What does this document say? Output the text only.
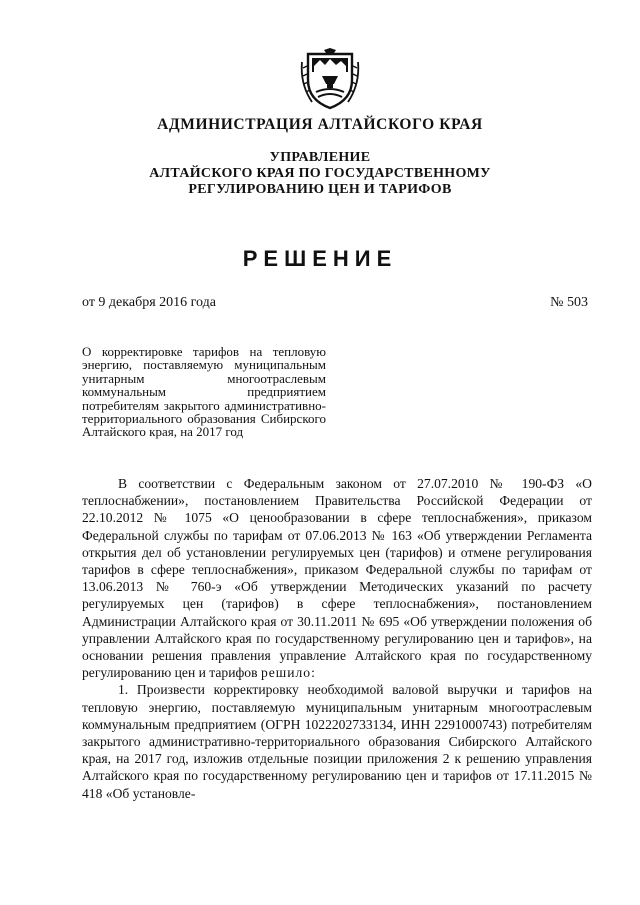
АДМИНИСТРАЦИЯ АЛТАЙСКОГО КРАЯ
УПРАВЛЕНИЕ
АЛТАЙСКОГО КРАЯ ПО ГОСУДАРСТВЕННОМУ
РЕГУЛИРОВАНИЮ ЦЕН И ТАРИФОВ
РЕШЕНИЕ
от 9 декабря 2016 года	№ 503
О корректировке тарифов на тепловую энергию, поставляемую муниципальным унитарным многоотраслевым коммунальным предприятием потребителям закрытого административно-территориального образования Сибирского Алтайского края, на 2017 год

В соответствии с Федеральным законом от 27.07.2010 № 190-ФЗ «О теплоснабжении», постановлением Правительства Российской Федерации от 22.10.2012 № 1075 «О ценообразовании в сфере теплоснабжения», приказом Федеральной службы по тарифам от 07.06.2013 № 163 «Об утверждении Регламента открытия дел об установлении регулируемых цен (тарифов) и отмене регулирования тарифов в сфере теплоснабжения», приказом Федеральной службы по тарифам от 13.06.2013 № 760-э «Об утверждении Методических указаний по расчету регулируемых цен (тарифов) в сфере теплоснабжения», постановлением Администрации Алтайского края от 30.11.2011 № 695 «Об утверждении положения об управлении Алтайского края по государственному регулированию цен и тарифов», на основании решения правления управление Алтайского края по государственному регулированию цен и тарифов решило:

1. Произвести корректировку необходимой валовой выручки и тарифов на тепловую энергию, поставляемую муниципальным унитарным многоотраслевым коммунальным предприятием (ОГРН 1022202733134, ИНН 2291000743) потребителям закрытого административно-территориального образования Сибирского Алтайского края, на 2017 год, изложив отдельные позиции приложения 2 к решению управления Алтайского края по государственному регулированию цен и тарифов от 17.11.2015 № 418 «Об установле-
